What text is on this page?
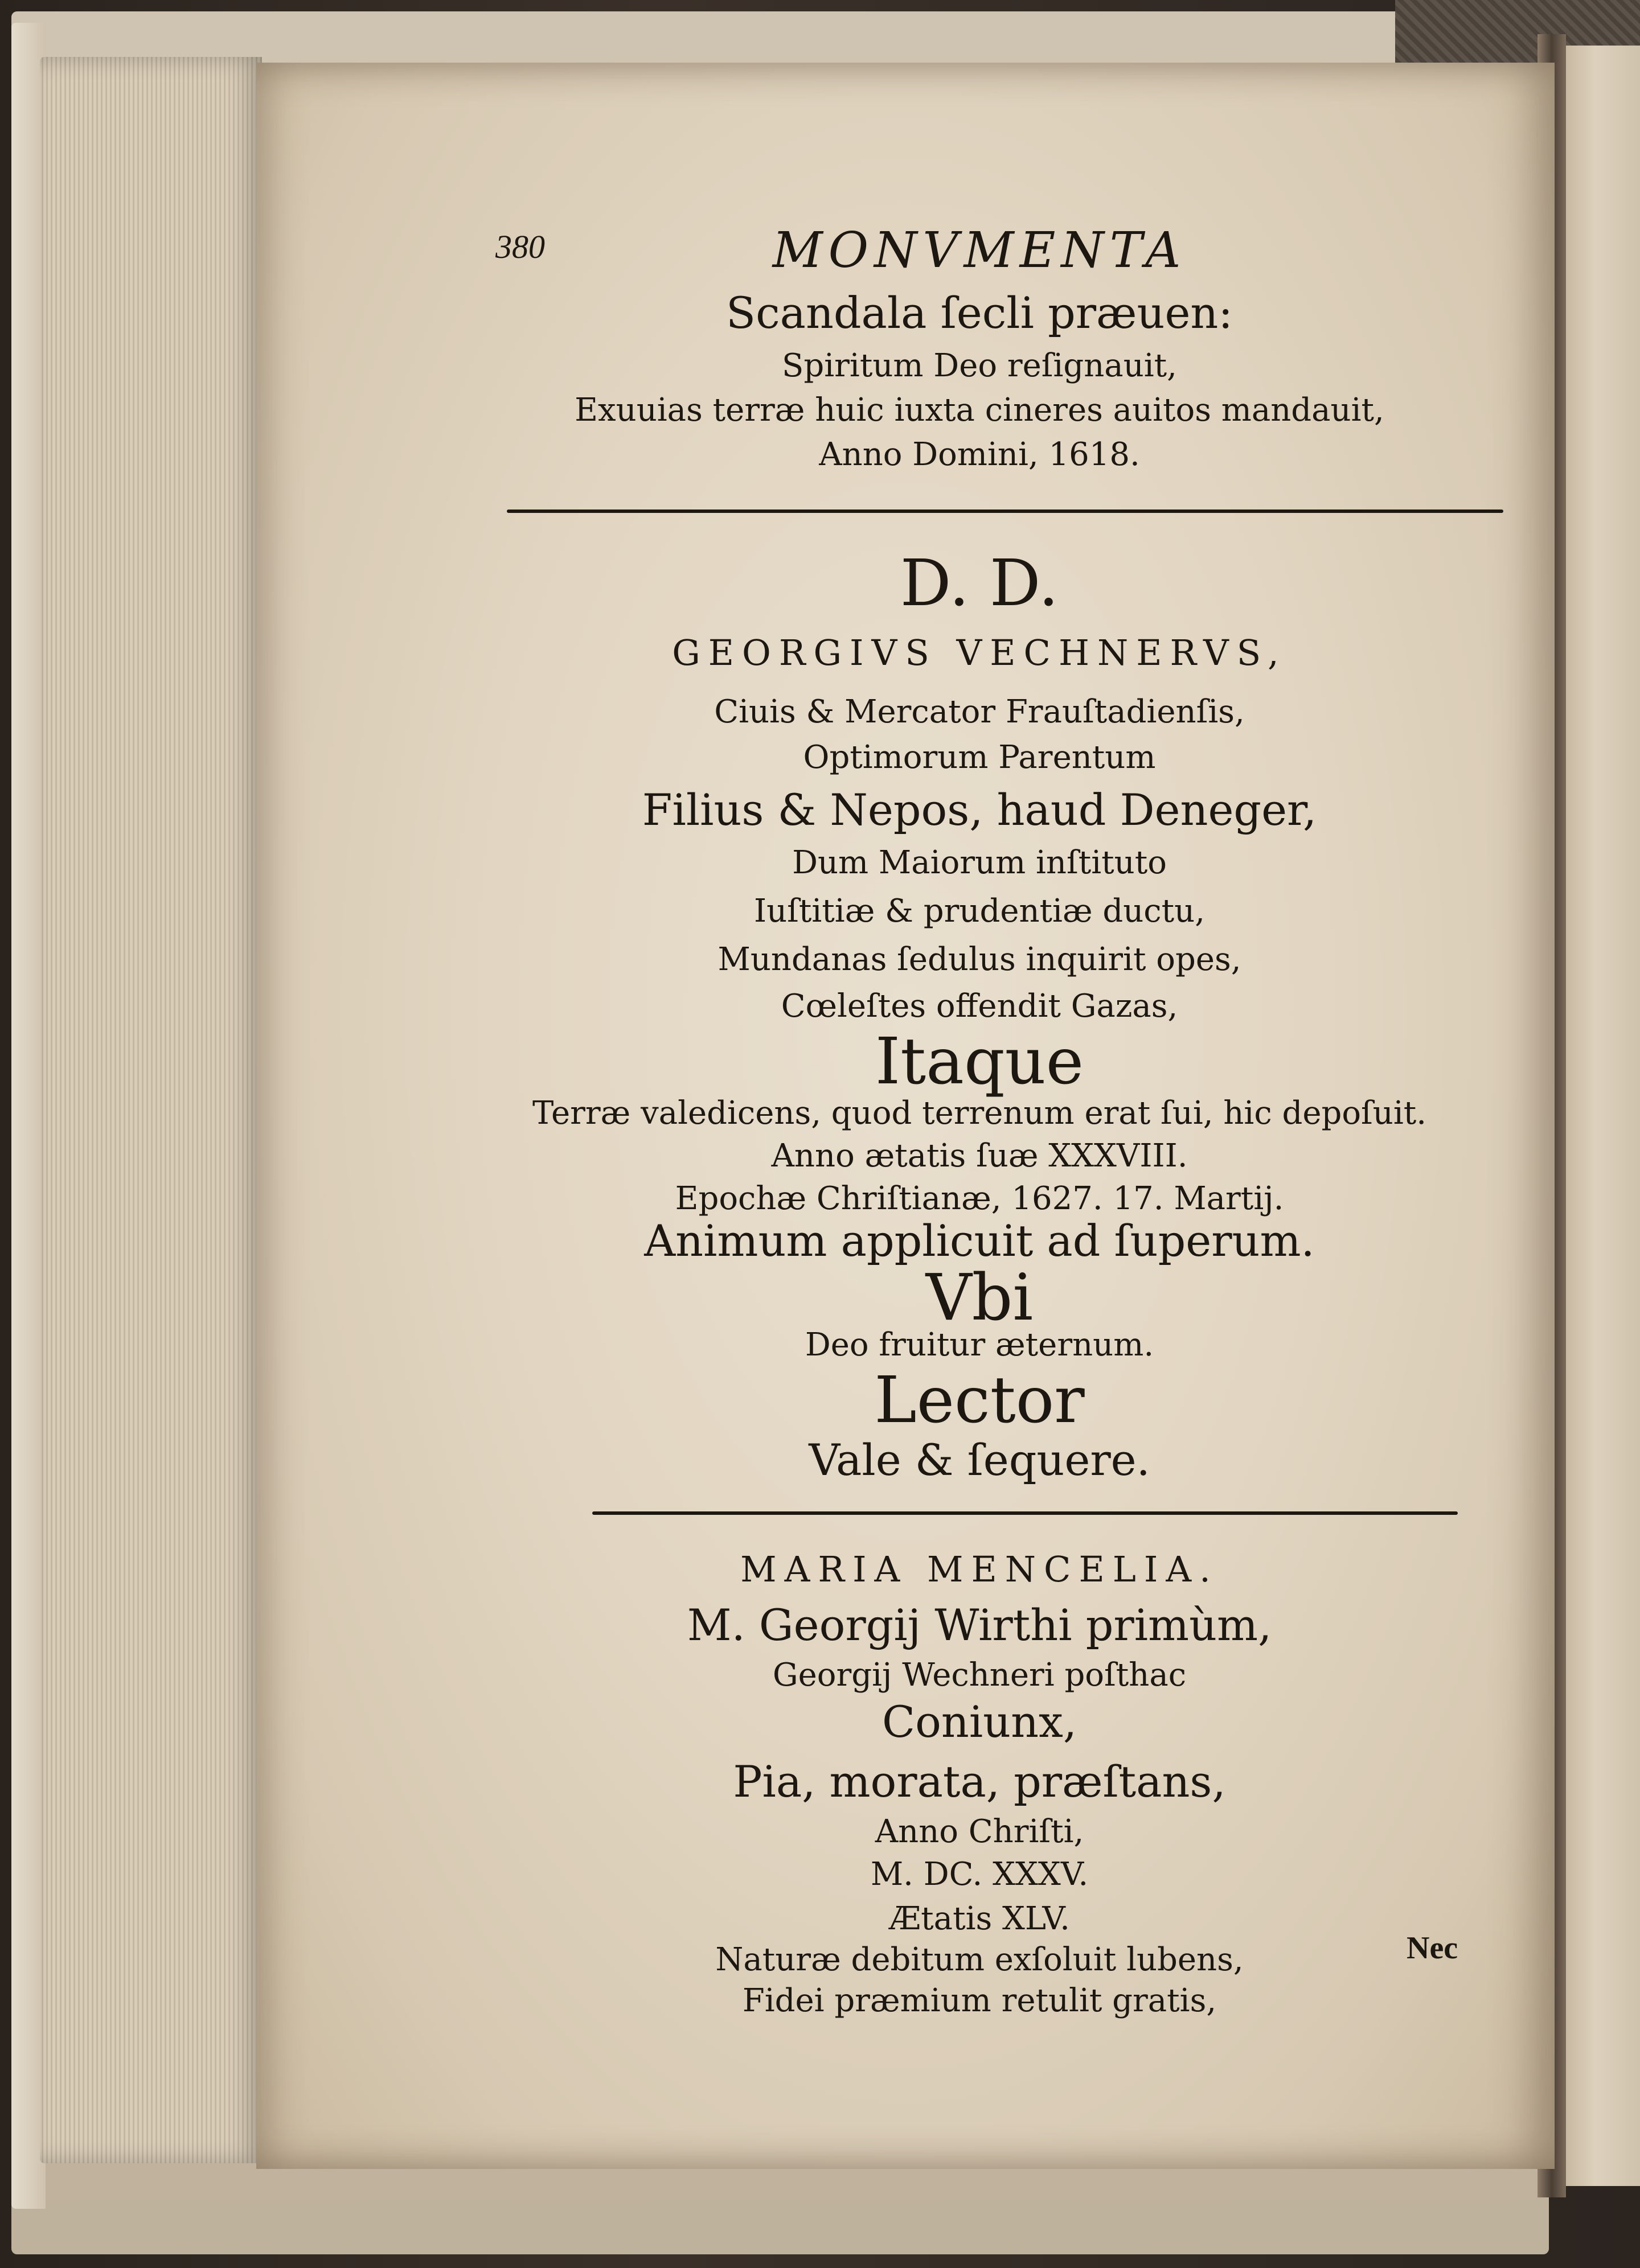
380	MONVMENTA
Scandala ſecli præuen:
Spiritum Deo reſignauit,
Exuuias terræ huic iuxta cineres auitos mandauit,
Anno Domini, 1618.
D. D.
GEORGIVS VECHNERVS,
Ciuis & Mercator Frauſtadienſis,
Optimorum Parentum
Filius & Nepos, haud Deneger,
Dum Maiorum inſtituto
Iuſtitiæ & prudentiæ ductu,
Mundanas ſedulus inquirit opes,
Cœleſtes offendit Gazas,
Itaque
Terræ valedicens, quod terrenum erat ſui, hic depoſuit.
Anno ætatis ſuæ XXXVIII.
Epochæ Chriſtianæ, 1627. 17. Martij.
Animum applicuit ad ſuperum.
Vbi
Deo fruitur æternum.
Lector
Vale & ſequere.
MARIA MENCELIA.
M. Georgij Wirthi primùm,
Georgij Wechneri poſthac
Coniunx,
Pia, morata, præſtans,
Anno Chriſti,
M. DC. XXXV.
Ætatis XLV.
Naturæ debitum exſoluit lubens,
Fidei præmium retulit gratis,
Nec
